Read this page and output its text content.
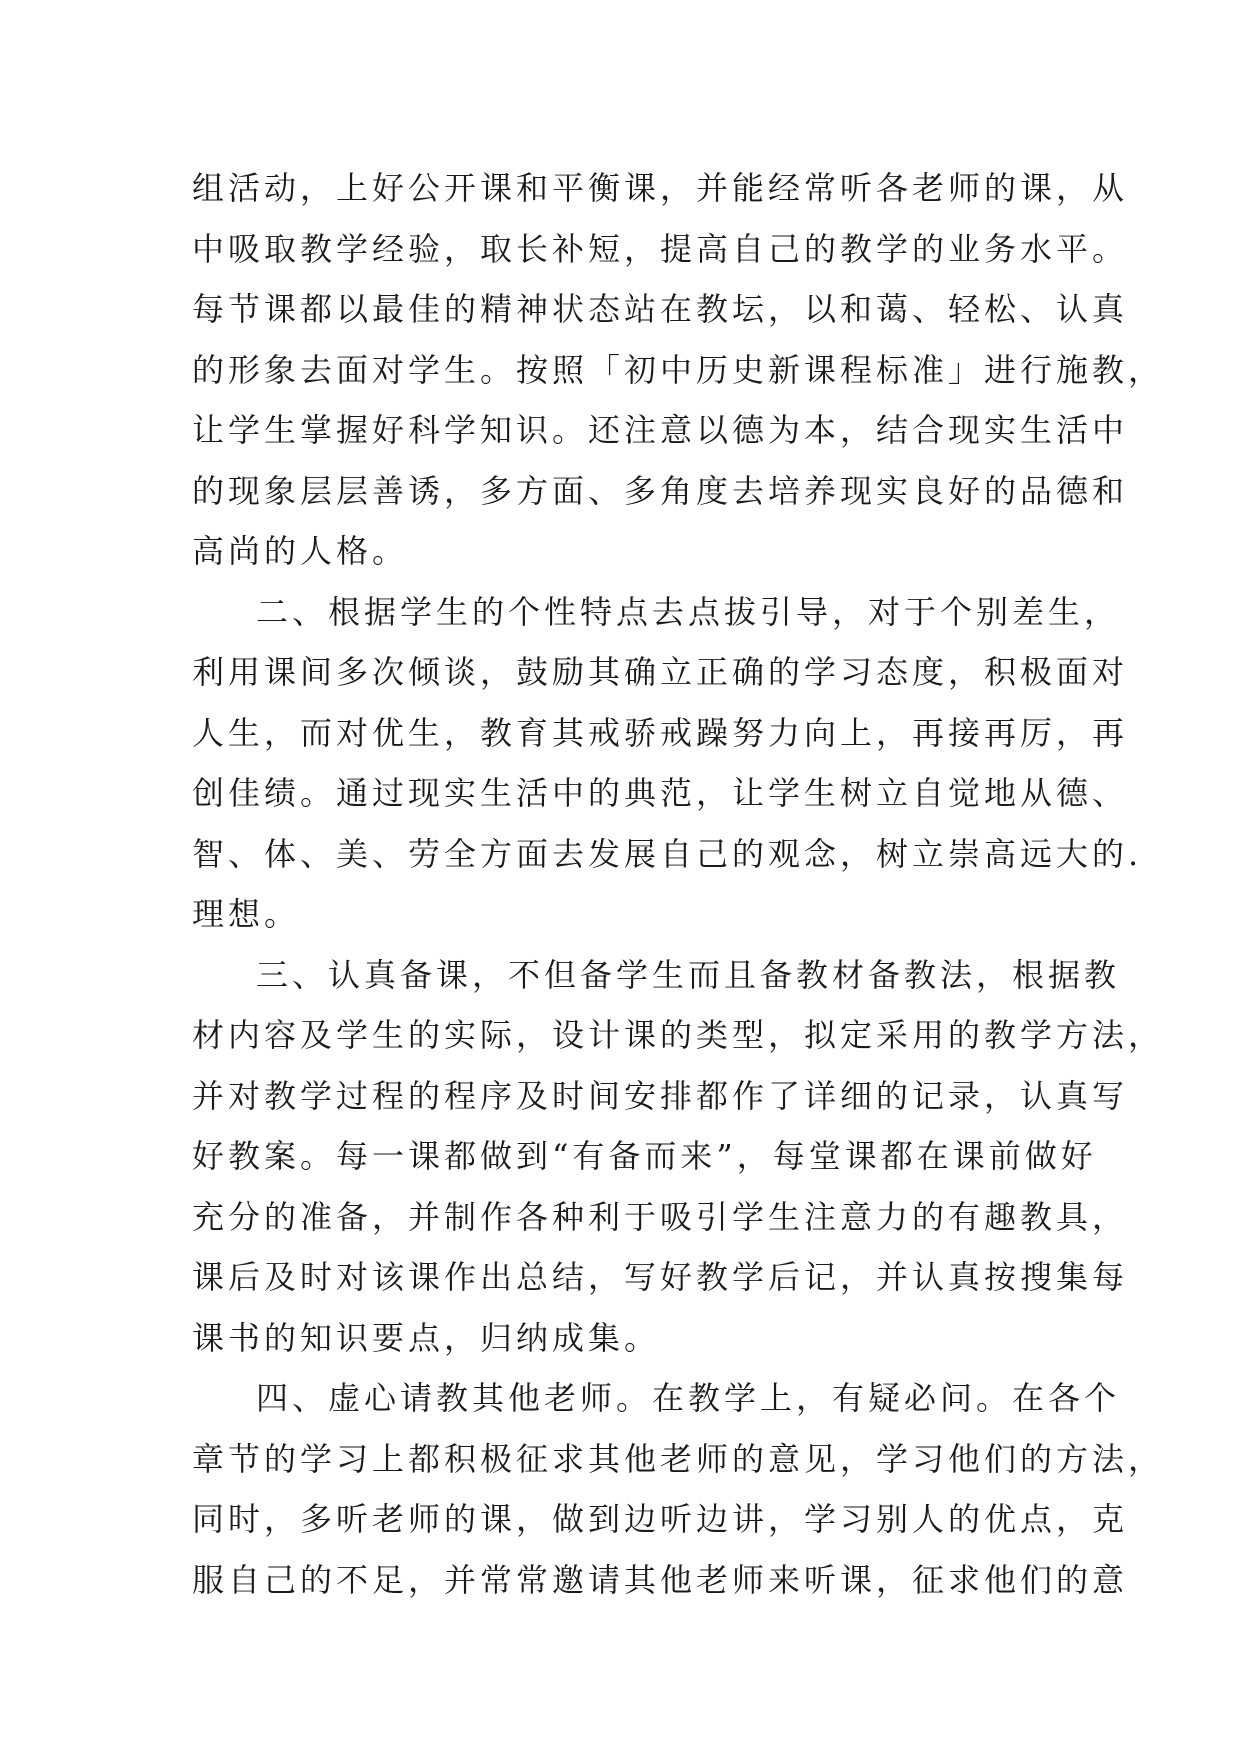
组活动，上好公开课和平衡课，并能经常听各老师的课，从
中吸取教学经验，取长补短，提高自己的教学的业务水平。
每节课都以最佳的精神状态站在教坛，以和蔼、轻松、认真
的形象去面对学生。按照「初中历史新课程标准」进行施教，
让学生掌握好科学知识。还注意以德为本，结合现实生活中
的现象层层善诱，多方面、多角度去培养现实良好的品德和
高尚的人格。
二、根据学生的个性特点去点拔引导，对于个别差生，
利用课间多次倾谈，鼓励其确立正确的学习态度，积极面对
人生，而对优生，教育其戒骄戒躁努力向上，再接再厉，再
创佳绩。通过现实生活中的典范，让学生树立自觉地从德、
智、体、美、劳全方面去发展自己的观念，树立崇高远大的.
理想。
三、认真备课，不但备学生而且备教材备教法，根据教
材内容及学生的实际，设计课的类型，拟定采用的教学方法，
并对教学过程的程序及时间安排都作了详细的记录，认真写
好教案。每一课都做到“有备而来”，每堂课都在课前做好
充分的准备，并制作各种利于吸引学生注意力的有趣教具，
课后及时对该课作出总结，写好教学后记，并认真按搜集每
课书的知识要点，归纳成集。
四、虚心请教其他老师。在教学上，有疑必问。在各个
章节的学习上都积极征求其他老师的意见，学习他们的方法，
同时，多听老师的课，做到边听边讲，学习别人的优点，克
服自己的不足，并常常邀请其他老师来听课，征求他们的意
